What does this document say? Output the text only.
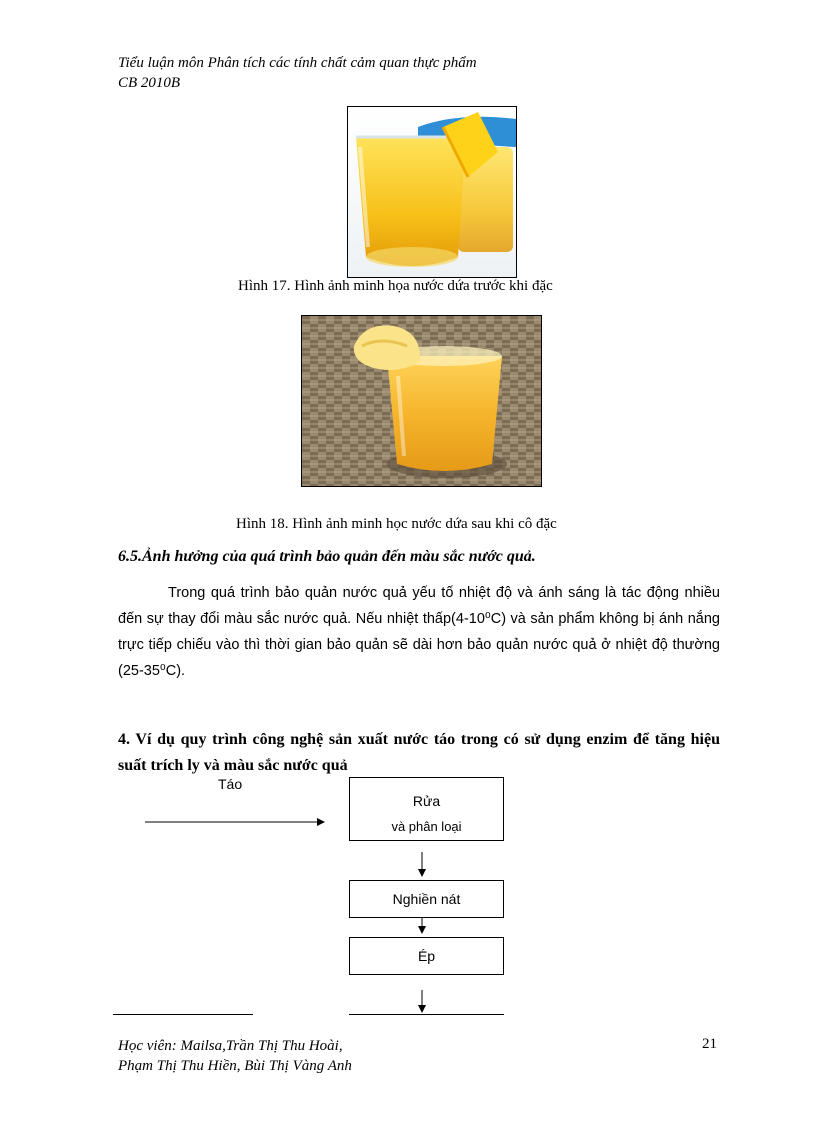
Tiểu luận môn Phân tích các tính chất cảm quan thực phẩm
CB 2010B
Hình 17. Hình ảnh minh họa nước dứa trước khi đặc
Hình 18. Hình ảnh minh học nước dứa sau khi cô đặc
6.5.Ảnh hưởng của quá trình bảo quản đến màu sắc nước quả.
Trong quá trình bảo quản nước quả yếu tố nhiệt độ và ánh sáng là tác động nhiều đến sự thay đổi màu sắc nước quả. Nếu nhiệt thấp(4-10⁰C) và sản phẩm không bị ánh nắng trực tiếp chiếu vào thì thời gian bảo quản sẽ dài hơn bảo quản nước quả ở nhiệt độ thường (25-35⁰C).
4. Ví dụ quy trình công nghệ sản xuất nước táo trong có sử dụng enzim để tăng hiệu suất trích ly và màu sắc nước quả
Táo
Rửa
và phân loại
Nghiền nát
Ép
Học viên: Mailsa,Trần Thị Thu Hoài,
Phạm Thị Thu Hiền, Bùi Thị Vàng Anh
21
